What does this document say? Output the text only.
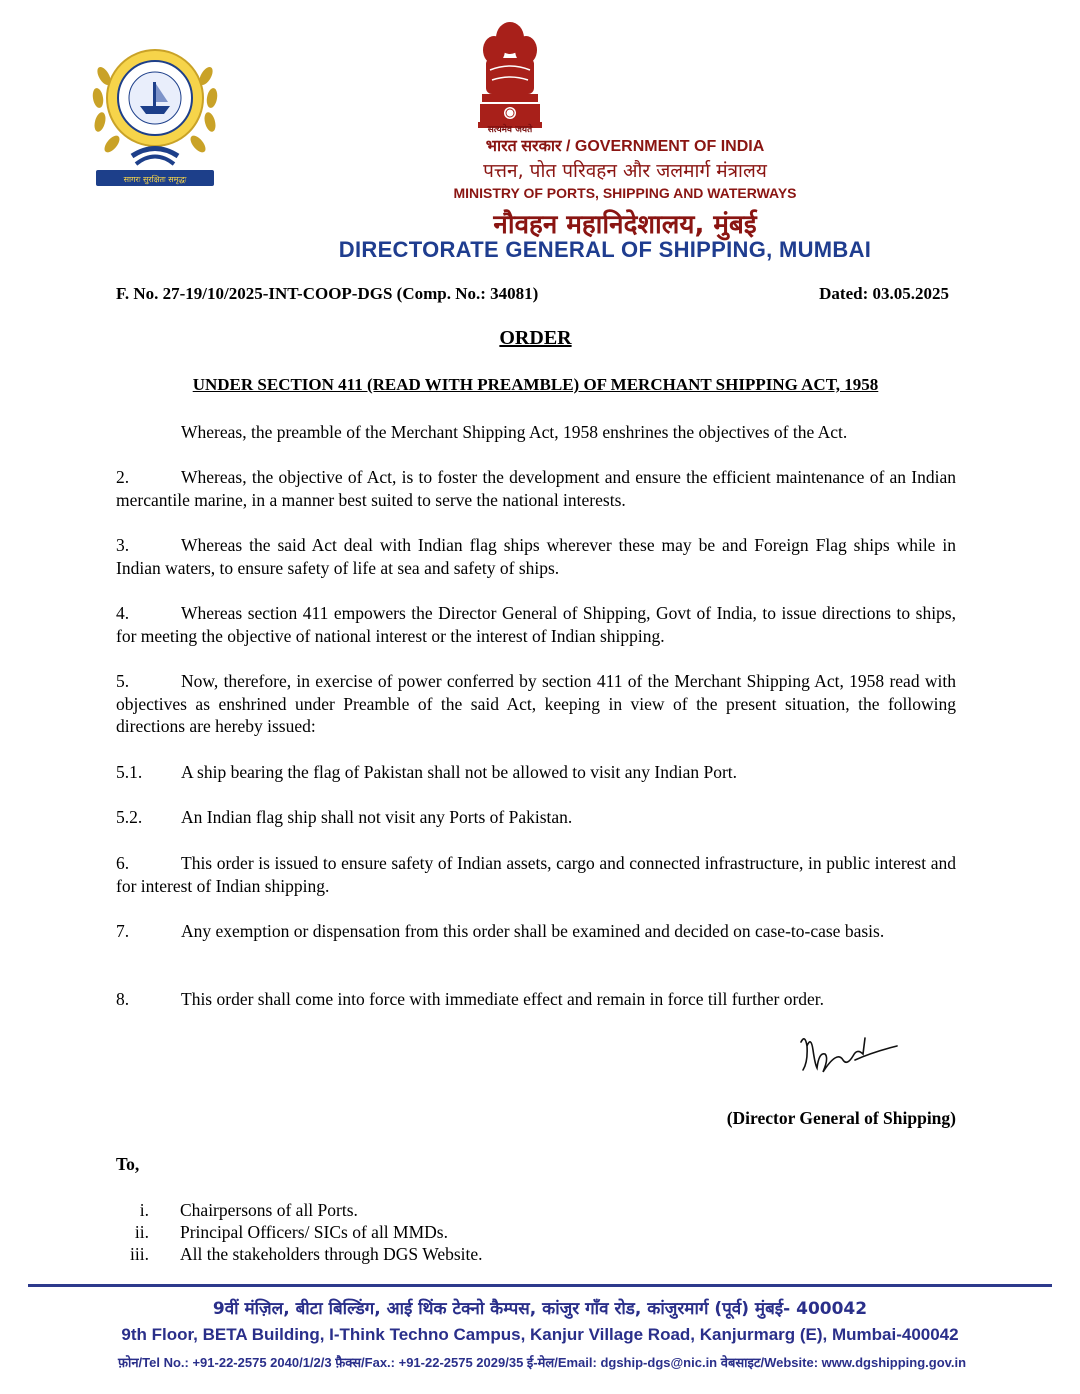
सागरः सुरक्षितः समृद्धः
सत्यमेव जयते
भारत सरकार / GOVERNMENT OF INDIA
पत्तन, पोत परिवहन और जलमार्ग मंत्रालय
MINISTRY OF PORTS, SHIPPING AND WATERWAYS
नौवहन महानिदेशालय, मुंबई
DIRECTORATE GENERAL OF SHIPPING, MUMBAI
F. No. 27-19/10/2025-INT-COOP-DGS (Comp. No.: 34081)	Dated: 03.05.2025
ORDER
UNDER SECTION 411 (READ WITH PREAMBLE) OF MERCHANT SHIPPING ACT, 1958
Whereas, the preamble of the Merchant Shipping Act, 1958 enshrines the objectives of the Act.
2.	Whereas, the objective of Act, is to foster the development and ensure the efficient maintenance of an Indian mercantile marine, in a manner best suited to serve the national interests.
3.	Whereas the said Act deal with Indian flag ships wherever these may be and Foreign Flag ships while in Indian waters, to ensure safety of life at sea and safety of ships.
4.	Whereas section 411 empowers the Director General of Shipping, Govt of India, to issue directions to ships, for meeting the objective of national interest or the interest of Indian shipping.
5.	Now, therefore, in exercise of power conferred by section 411 of the Merchant Shipping Act, 1958 read with objectives as enshrined under Preamble of the said Act, keeping in view of the present situation, the following directions are hereby issued:
5.1. A ship bearing the flag of Pakistan shall not be allowed to visit any Indian Port.
5.2. An Indian flag ship shall not visit any Ports of Pakistan.
6.	This order is issued to ensure safety of Indian assets, cargo and connected infrastructure, in public interest and for interest of Indian shipping.
7.	Any exemption or dispensation from this order shall be examined and decided on case-to-case basis.
8.	This order shall come into force with immediate effect and remain in force till further order.
(Director General of Shipping)
To,
i. Chairpersons of all Ports.
ii. Principal Officers/ SICs of all MMDs.
iii. All the stakeholders through DGS Website.
9वीं मंज़िल, बीटा बिल्डिंग, आई थिंक टेक्नो कैम्पस, कांजुर गाँव रोड, कांजुरमार्ग (पूर्व) मुंबई- 400042
9th Floor, BETA Building, I-Think Techno Campus, Kanjur Village Road, Kanjurmarg (E), Mumbai-400042
फ़ोन/Tel No.: +91-22-2575 2040/1/2/3 फ़ैक्स/Fax.: +91-22-2575 2029/35 ई-मेल/Email: dgship-dgs@nic.in वेबसाइट/Website: www.dgshipping.gov.in
